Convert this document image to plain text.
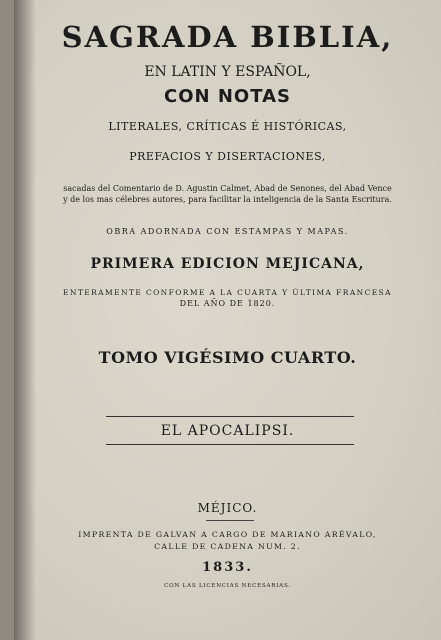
SAGRADA BIBLIA,
EN LATIN Y ESPAÑOL,
CON NOTAS
LITERALES, CRÍTICAS É HISTÓRICAS,
PREFACIOS Y DISERTACIONES,
sacadas del Comentario de D. Agustin Calmet, Abad de Senones, del Abad Vence
y de los mas célebres autores, para facilitar la inteligencia de la Santa Escritura.
OBRA ADORNADA CON ESTAMPAS Y MAPAS.
PRIMERA EDICION MEJICANA,
ENTERAMENTE CONFORME A LA CUARTA Y ÚLTIMA FRANCESA
DEL AÑO DE 1820.
TOMO VIGÉSIMO CUARTO.
EL APOCALIPSI.
MÉJICO.
IMPRENTA DE GALVAN A CARGO DE MARIANO ARÉVALO,
CALLE DE CADENA NUM. 2.
1833.
CON LAS LICENCIAS NECESARIAS.
